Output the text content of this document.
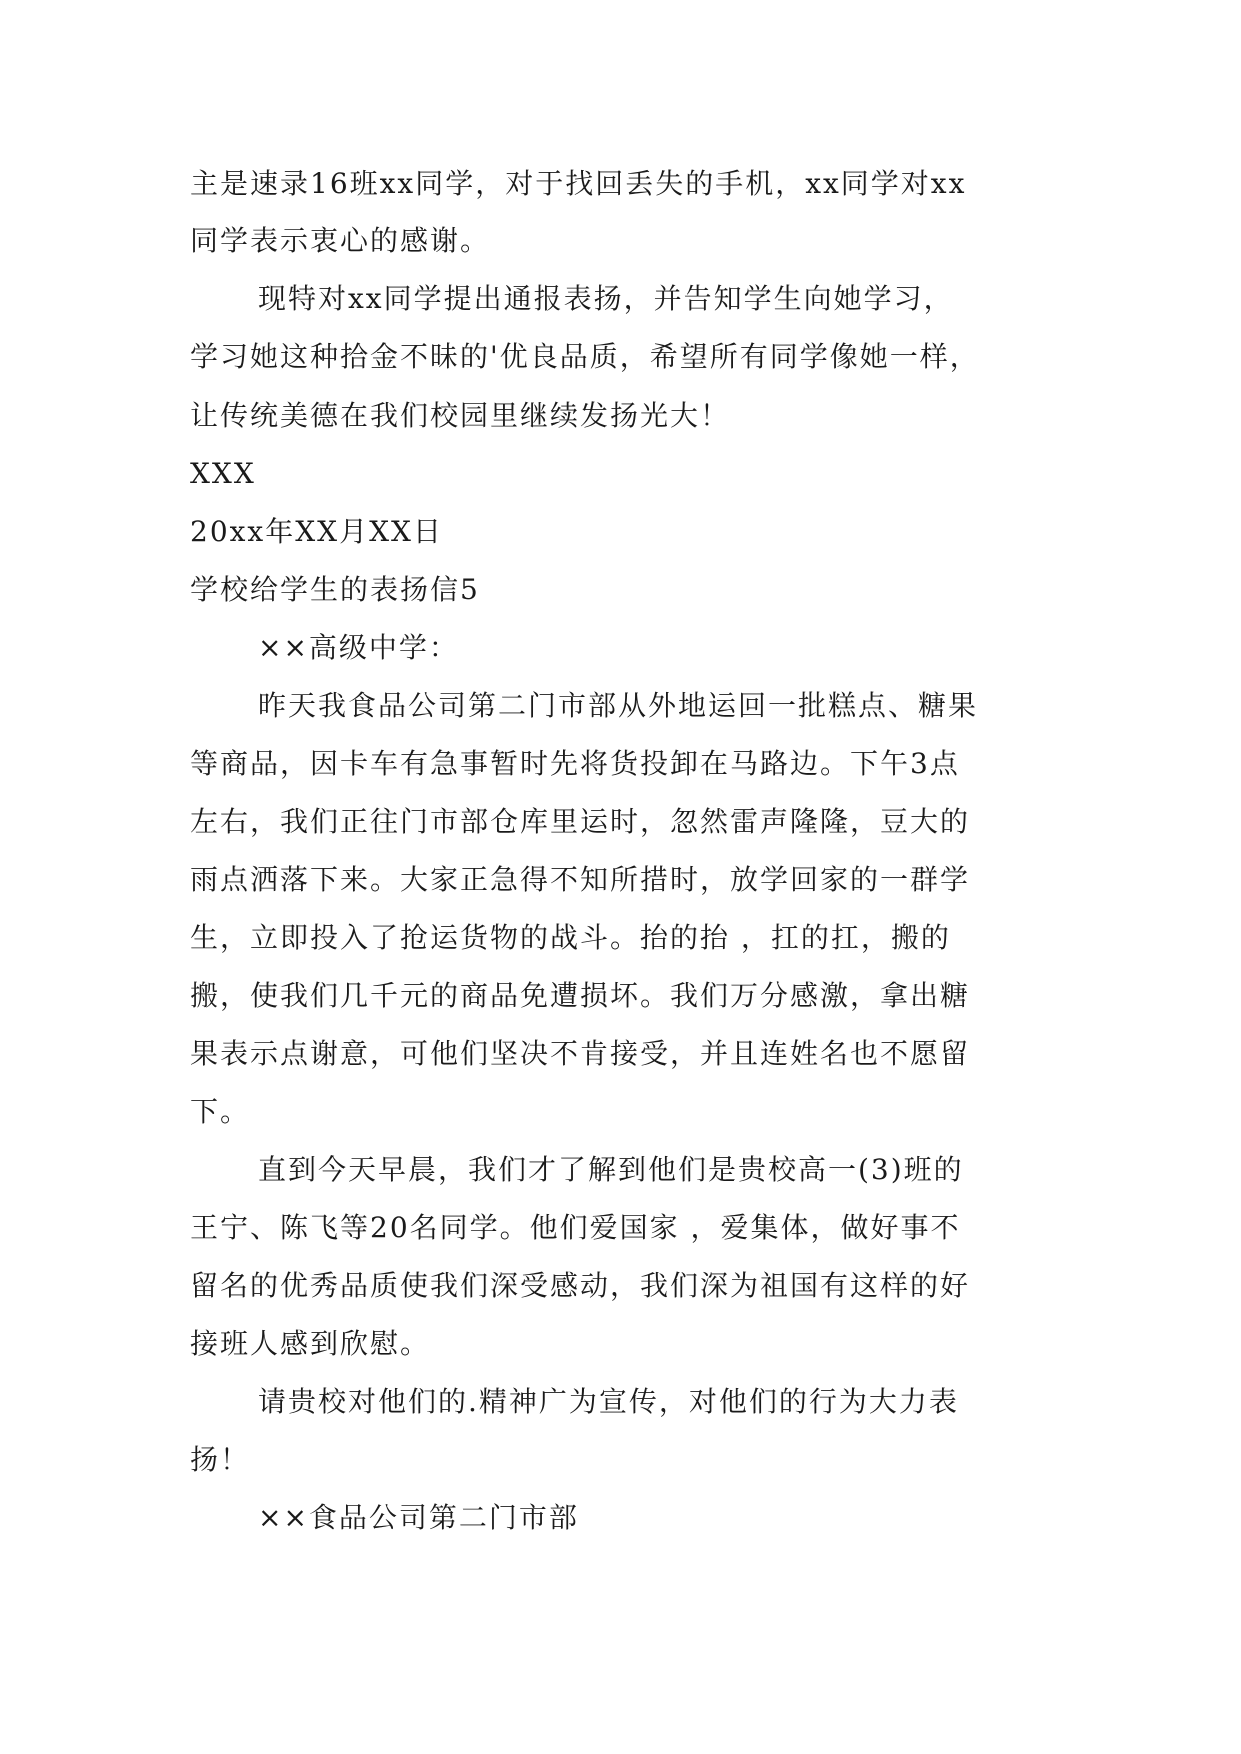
主是速录16班xx同学，对于找回丢失的手机，xx同学对xx
同学表示衷心的感谢。
现特对xx同学提出通报表扬，并告知学生向她学习，
学习她这种拾金不昧的'优良品质，希望所有同学像她一样，
让传统美德在我们校园里继续发扬光大！
XXX
20xx年XX月XX日
学校给学生的表扬信5
××高级中学：
昨天我食品公司第二门市部从外地运回一批糕点、糖果
等商品，因卡车有急事暂时先将货投卸在马路边。下午3点
左右，我们正往门市部仓库里运时，忽然雷声隆隆，豆大的
雨点洒落下来。大家正急得不知所措时，放学回家的一群学
生，立即投入了抢运货物的战斗。抬的抬 ，扛的扛，搬的
搬，使我们几千元的商品免遭损坏。我们万分感激，拿出糖
果表示点谢意，可他们坚决不肯接受，并且连姓名也不愿留
下。
直到今天早晨，我们才了解到他们是贵校高一(3)班的
王宁、陈飞等20名同学。他们爱国家 ，爱集体，做好事不
留名的优秀品质使我们深受感动，我们深为祖国有这样的好
接班人感到欣慰。
请贵校对他们的.精神广为宣传，对他们的行为大力表
扬！
××食品公司第二门市部
